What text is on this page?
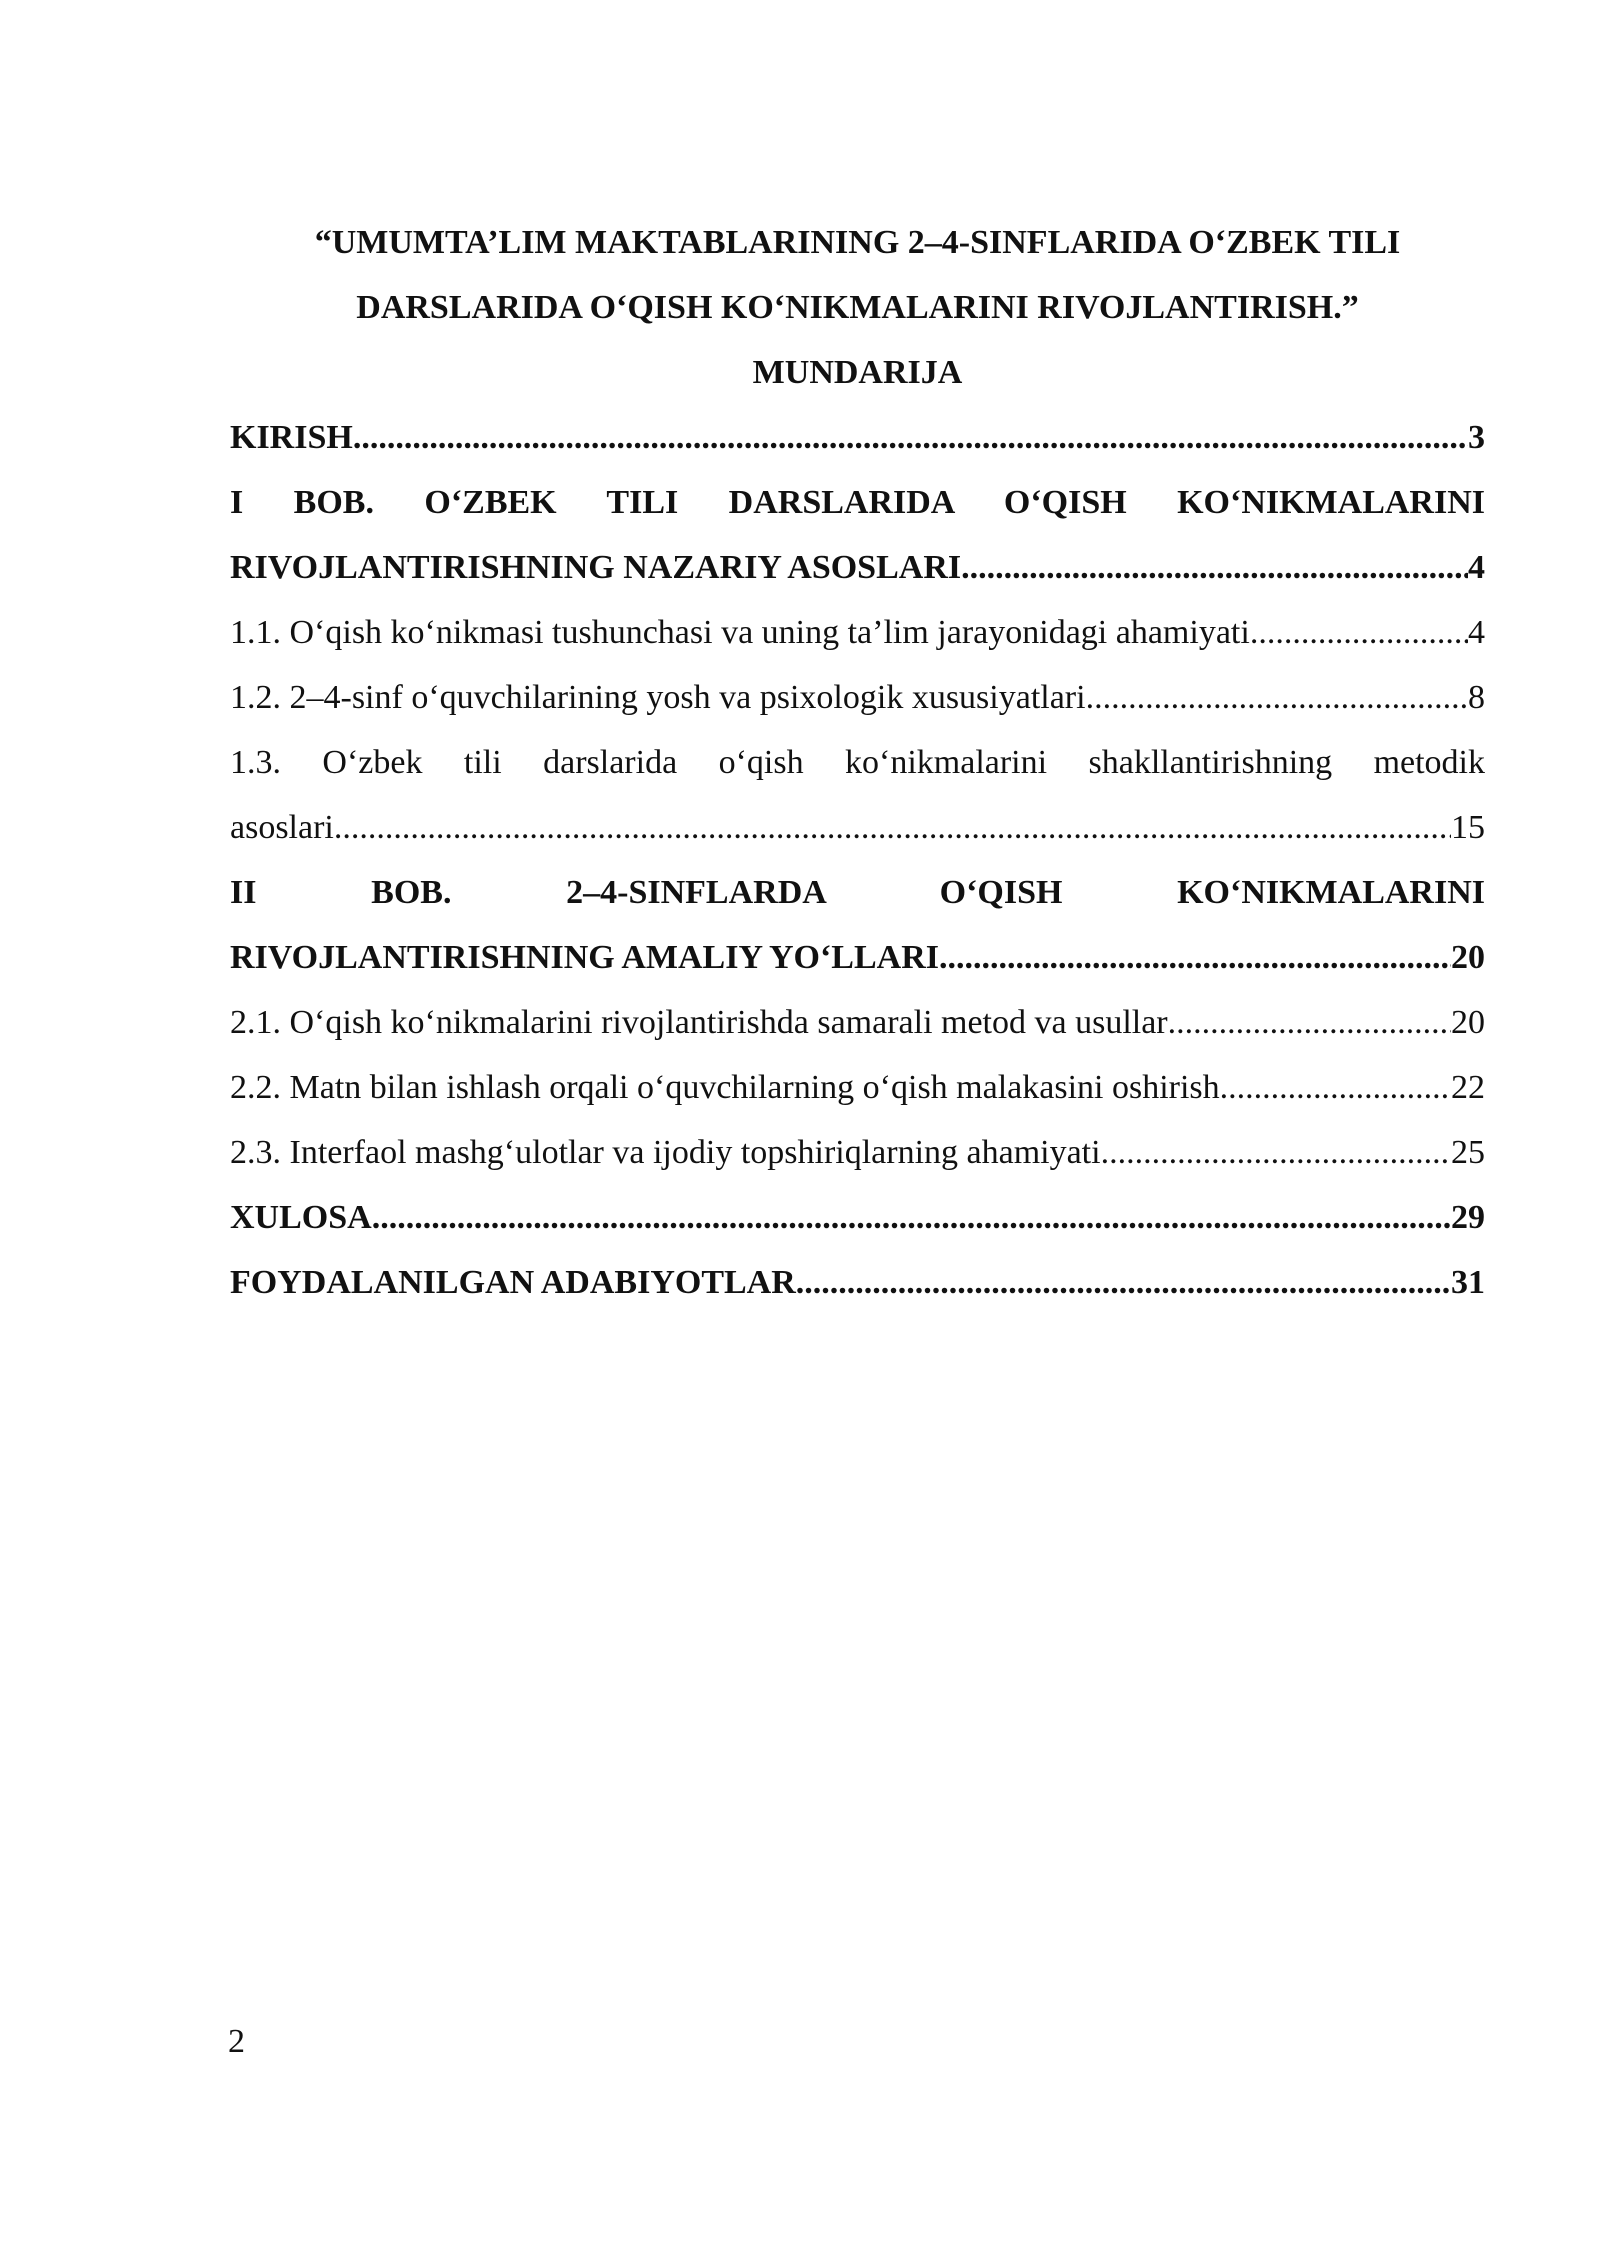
“UMUMTA’LIM MAKTABLARINING 2–4-SINFLARIDA O‘ZBEK TILI
DARSLARIDA O‘QISH KO‘NIKMALARINI RIVOJLANTIRISH.”
MUNDARIJA
KIRISH .....	3
I BOB. O‘ZBEK TILI DARSLARIDA O‘QISH KO‘NIKMALARINI
RIVOJLANTIRISHNING NAZARIY ASOSLARI .....	4
1.1. O‘qish ko‘nikmasi tushunchasi va uning ta’lim jarayonidagi ahamiyati .....	4
1.2. 2–4-sinf o‘quvchilarining yosh va psixologik xususiyatlari .....	8
1.3. O‘zbek tili darslarida o‘qish ko‘nikmalarini shakllantirishning metodik
asoslari .....	15
II BOB. 2–4-SINFLARDA O‘QISH KO‘NIKMALARINI
RIVOJLANTIRISHNING AMALIY YO‘LLARI .....	20
2.1. O‘qish ko‘nikmalarini rivojlantirishda samarali metod va usullar .....	20
2.2. Matn bilan ishlash orqali o‘quvchilarning o‘qish malakasini oshirish .....	22
2.3. Interfaol mashg‘ulotlar va ijodiy topshiriqlarning ahamiyati .....	25
XULOSA .....	29
FOYDALANILGAN ADABIYOTLAR .....	31
2
